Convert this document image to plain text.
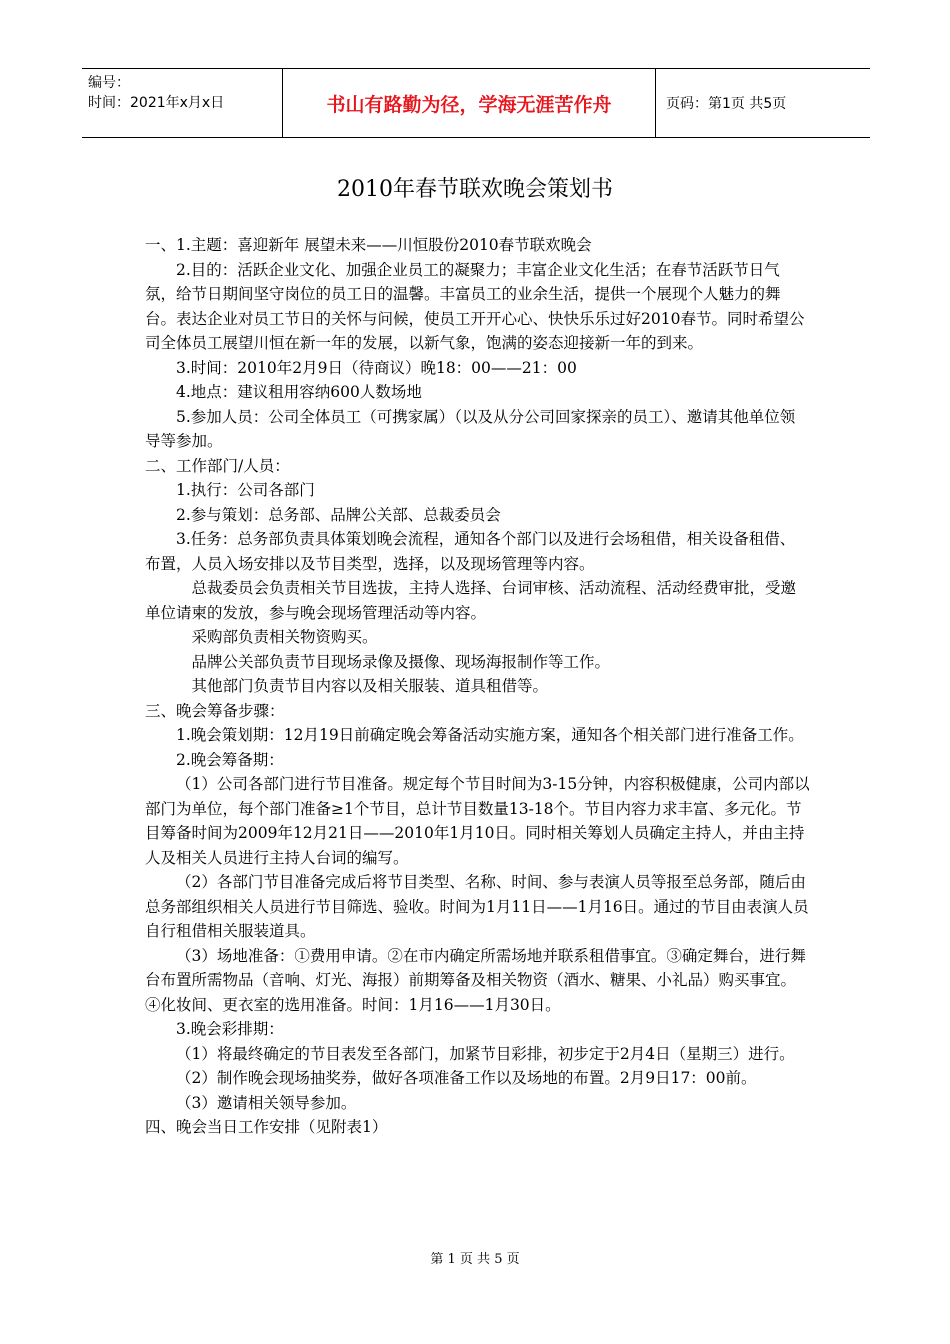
编号：
时间：2021年x月x日	书山有路勤为径，学海无涯苦作舟	页码：第1页 共5页
2010年春节联欢晚会策划书

一、1.主题：喜迎新年 展望未来——川恒股份2010春节联欢晚会

2.目的：活跃企业文化、加强企业员工的凝聚力；丰富企业文化生活；在春节活跃节日气氛，给节日期间坚守岗位的员工日的温馨。丰富员工的业余生活，提供一个展现个人魅力的舞台。表达企业对员工节日的关怀与问候，使员工开开心心、快快乐乐过好2010春节。同时希望公司全体员工展望川恒在新一年的发展，以新气象，饱满的姿态迎接新一年的到来。

3.时间：2010年2月9日（待商议）晚18：00——21：00

4.地点：建议租用容纳600人数场地

5.参加人员：公司全体员工（可携家属）（以及从分公司回家探亲的员工）、邀请其他单位领导等参加。

二、工作部门/人员：

1.执行：公司各部门

2.参与策划：总务部、品牌公关部、总裁委员会

3.任务：总务部负责具体策划晚会流程，通知各个部门以及进行会场租借，相关设备租借、布置，人员入场安排以及节目类型，选择，以及现场管理等内容。

总裁委员会负责相关节目选拔，主持人选择、台词审核、活动流程、活动经费审批，受邀单位请柬的发放，参与晚会现场管理活动等内容。

采购部负责相关物资购买。

品牌公关部负责节目现场录像及摄像、现场海报制作等工作。

其他部门负责节目内容以及相关服装、道具租借等。

三、晚会筹备步骤：

1.晚会策划期：12月19日前确定晚会筹备活动实施方案，通知各个相关部门进行准备工作。

2.晚会筹备期：

（1）公司各部门进行节目准备。规定每个节目时间为3-15分钟，内容积极健康，公司内部以部门为单位，每个部门准备≥1个节目，总计节目数量13-18个。节目内容力求丰富、多元化。节目筹备时间为2009年12月21日——2010年1月10日。同时相关筹划人员确定主持人，并由主持人及相关人员进行主持人台词的编写。

（2）各部门节目准备完成后将节目类型、名称、时间、参与表演人员等报至总务部，随后由总务部组织相关人员进行节目筛选、验收。时间为1月11日——1月16日。通过的节目由表演人员自行租借相关服装道具。

（3）场地准备：①费用申请。②在市内确定所需场地并联系租借事宜。③确定舞台，进行舞台布置所需物品（音响、灯光、海报）前期筹备及相关物资（酒水、糖果、小礼品）购买事宜。④化妆间、更衣室的选用准备。时间：1月16——1月30日。

3.晚会彩排期：

（1）将最终确定的节目表发至各部门，加紧节目彩排，初步定于2月4日（星期三）进行。

（2）制作晚会现场抽奖券，做好各项准备工作以及场地的布置。2月9日17：00前。

（3）邀请相关领导参加。

四、晚会当日工作安排（见附表1）

第 1 页 共 5 页
